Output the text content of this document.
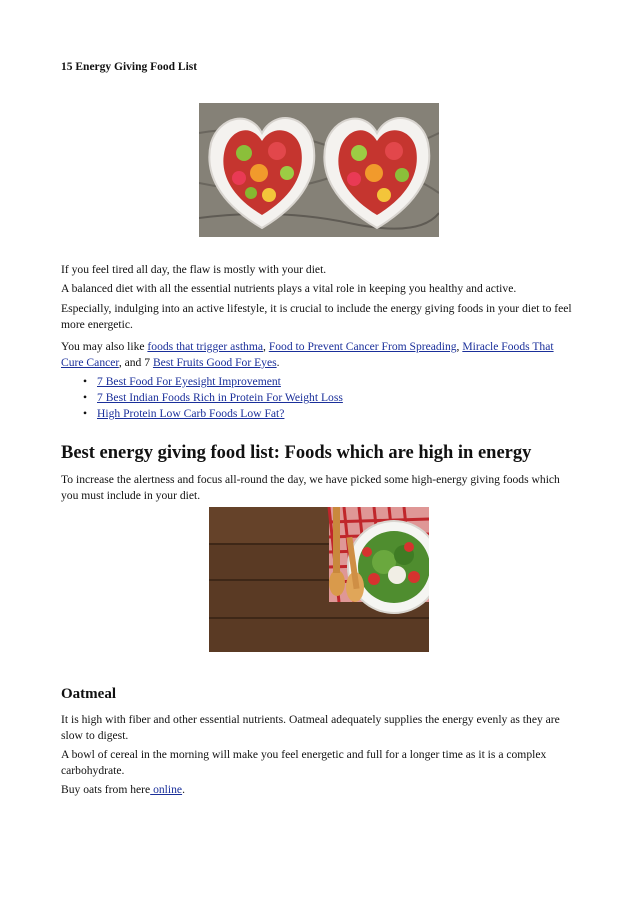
15 Energy Giving Food List

If you feel tired all day, the flaw is mostly with your diet.

A balanced diet with all the essential nutrients plays a vital role in keeping you healthy and active.

Especially, indulging into an active lifestyle, it is crucial to include the energy giving foods in your diet to feel more energetic.

You may also like foods that trigger asthma, Food to Prevent Cancer From Spreading, Miracle Foods That Cure Cancer, and 7 Best Fruits Good For Eyes.

• 7 Best Food For Eyesight Improvement
• 7 Best Indian Foods Rich in Protein For Weight Loss
• High Protein Low Carb Foods Low Fat?
Best energy giving food list: Foods which are high in energy

To increase the alertness and focus all-round the day, we have picked some high-energy giving foods which you must include in your diet.

Oatmeal

It is high with fiber and other essential nutrients. Oatmeal adequately supplies the energy evenly as they are slow to digest.

A bowl of cereal in the morning will make you feel energetic and full for a longer time as it is a complex carbohydrate.

Buy oats from here online.
